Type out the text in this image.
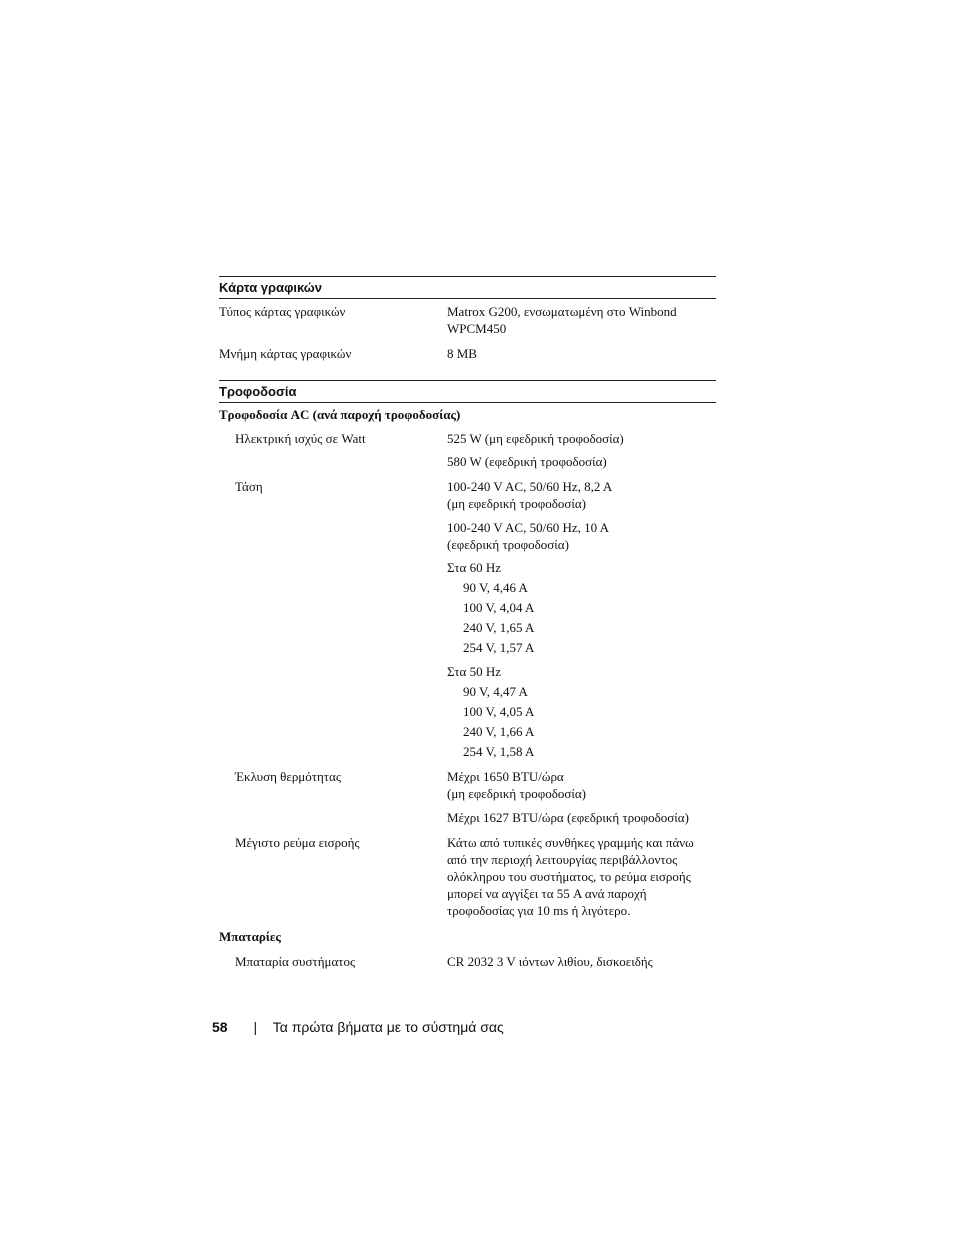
Κάρτα γραφικών
Τύπος κάρτας γραφικών	Matrox G200, ενσωματωμένη στο Winbond
WPCM450
Μνήμη κάρτας γραφικών	8 MB
Τροφοδοσία
Τροφοδοσία AC (ανά παροχή τροφοδοσίας)
Ηλεκτρική ισχύς σε Watt	525 W (μη εφεδρική τροφοδοσία)
580 W (εφεδρική τροφοδοσία)
Τάση	100-240 V AC, 50/60 Hz, 8,2 A
(μη εφεδρική τροφοδοσία)
100-240 V AC, 50/60 Hz, 10 A
(εφεδρική τροφοδοσία)
Στα 60 Hz
90 V, 4,46 A
100 V, 4,04 A
240 V, 1,65 A
254 V, 1,57 A
Στα 50 Hz
90 V, 4,47 A
100 V, 4,05 A
240 V, 1,66 A
254 V, 1,58 A
Έκλυση θερμότητας	Μέχρι 1650 BTU/ώρα
(μη εφεδρική τροφοδοσία)
Μέχρι 1627 BTU/ώρα (εφεδρική τροφοδοσία)
Μέγιστο ρεύμα εισροής	Κάτω από τυπικές συνθήκες γραμμής και πάνω
από την περιοχή λειτουργίας περιβάλλοντος
ολόκληρου του συστήματος, το ρεύμα εισροής
μπορεί να αγγίξει τα 55 A ανά παροχή
τροφοδοσίας για 10 ms ή λιγότερο.
Μπαταρίες
Μπαταρία συστήματος	CR 2032 3 V ιόντων λιθίου, δισκοειδής
58 | Τα πρώτα βήματα με το σύστημά σας
